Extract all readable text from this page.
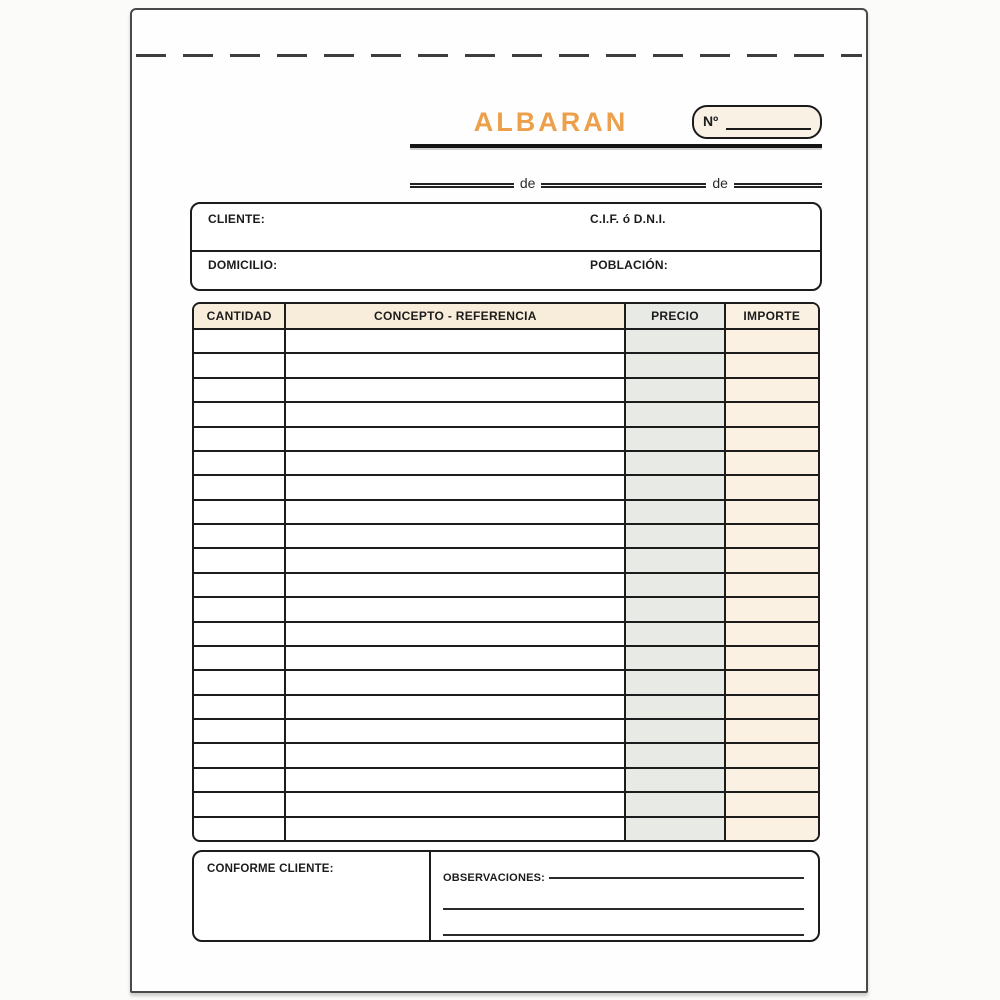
ALBARAN	Nº
de	de
CLIENTE:	C.I.F. ó D.N.I.
DOMICILIO:	POBLACIÓN:
CANTIDAD	CONCEPTO - REFERENCIA	PRECIO	IMPORTE
CONFORME CLIENTE:
OBSERVACIONES:
